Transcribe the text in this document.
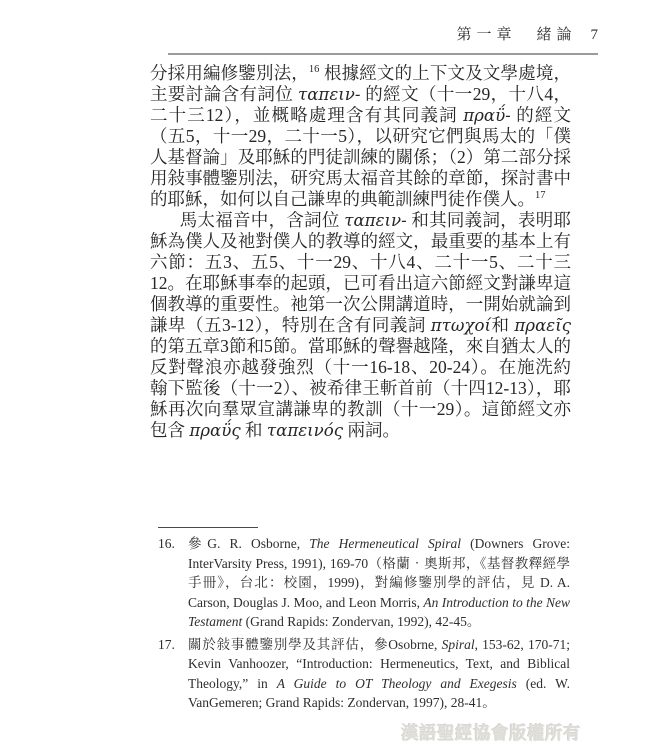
第一章　緒論 7

分採用編修鑒別法，$^{16}$ 根據經文的上下文及文學處境，主要討論含有詞位 ταπειν- 的經文（十一29，十八4，二十三12），並概略處理含有其同義詞 πραΰ- 的經文（五5，十一29，二十一5），以研究它們與馬太的「僕人基督論」及耶穌的門徒訓練的關係；（2）第二部分採用敍事體鑒別法，研究馬太福音其餘的章節，探討書中的耶穌，如何以自己謙卑的典範訓練門徒作僕人。$^{17}$

馬太福音中，含詞位 ταπειν- 和其同義詞，表明耶穌為僕人及祂對僕人的教導的經文，最重要的基本上有六節：五3、五5、十一29、十八4、二十一5、二十三12。在耶穌事奉的起頭，已可看出這六節經文對謙卑這個教導的重要性。祂第一次公開講道時，一開始就論到謙卑（五3-12），特別在含有同義詞 πτωχοί和 πραεῖς 的第五章3節和5節。當耶穌的聲譽越隆，來自猶太人的反對聲浪亦越發強烈（十一16-18、20-24）。在施洗約翰下監後（十一2）、被希律王斬首前（十四12-13），耶穌再次向羣眾宣講謙卑的教訓（十一29）。這節經文亦包含 πραΰς 和 ταπεινός 兩詞。

16. 參G. R. Osborne, The Hermeneutical Spiral (Downers Grove: InterVarsity Press, 1991), 169-70（格蘭‧奧斯邦，《基督教釋經學手冊》，台北：校園，1999)，對編修鑒別學的評估，見 D. A. Carson, Douglas J. Moo, and Leon Morris, An Introduction to the New Testament (Grand Rapids: Zondervan, 1992), 42-45。
17. 關於敍事體鑒別學及其評估，參Osobrne, Spiral, 153-62, 170-71; Kevin Vanhoozer, “Introduction: Hermeneutics, Text, and Biblical Theology,” in A Guide to OT Theology and Exegesis (ed. W. VanGemeren; Grand Rapids: Zondervan, 1997), 28-41。
漢語聖經協會版權所有
